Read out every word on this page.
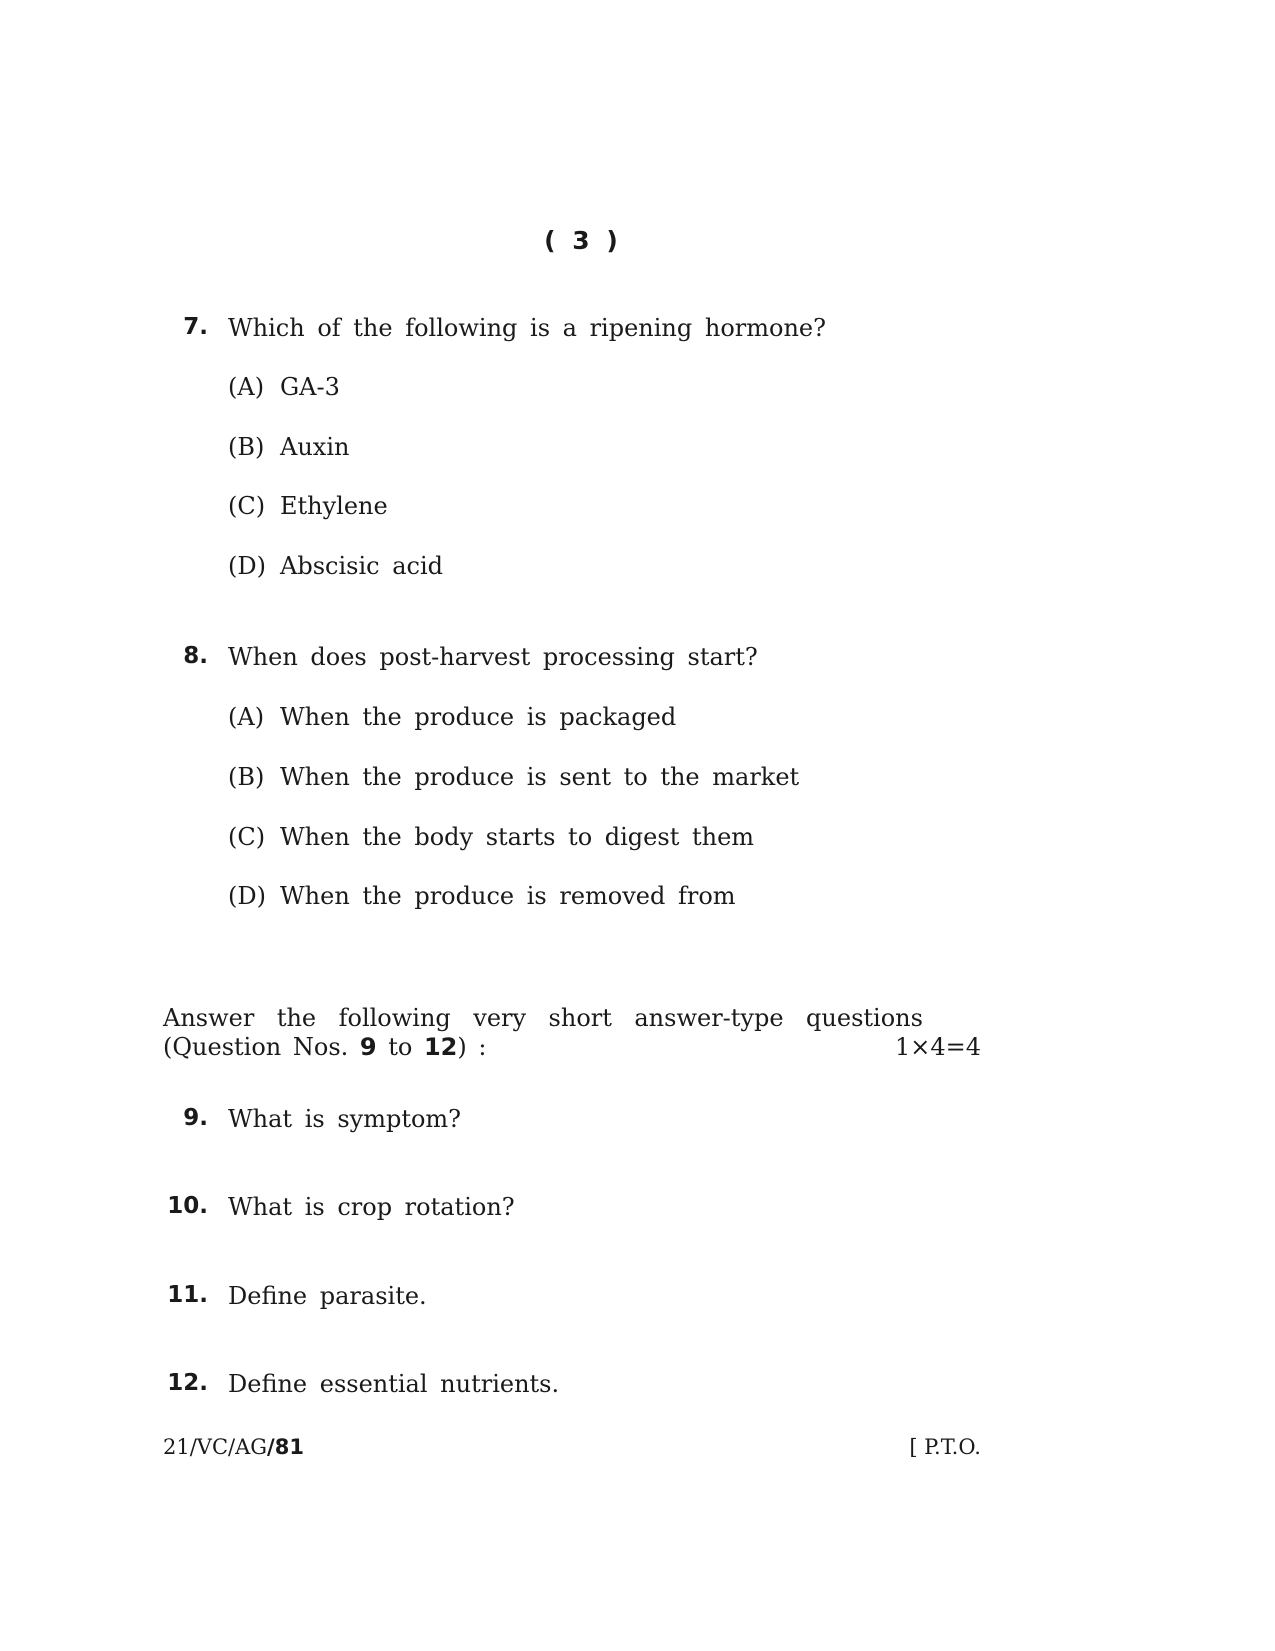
( 3 )
7. Which of the following is a ripening hormone?
(A) GA-3
(B) Auxin
(C) Ethylene
(D) Abscisic acid
8. When does post-harvest processing start?
(A) When the produce is packaged
(B) When the produce is sent to the market
(C) When the body starts to digest them
(D) When the produce is removed from
Answer the following very short answer-type questions
(Question Nos. 9 to 12) :	1×4=4
9. What is symptom?
10. What is crop rotation?
11. Define parasite.
12. Define essential nutrients.
21/VC/AG/81	[ P.T.O.
